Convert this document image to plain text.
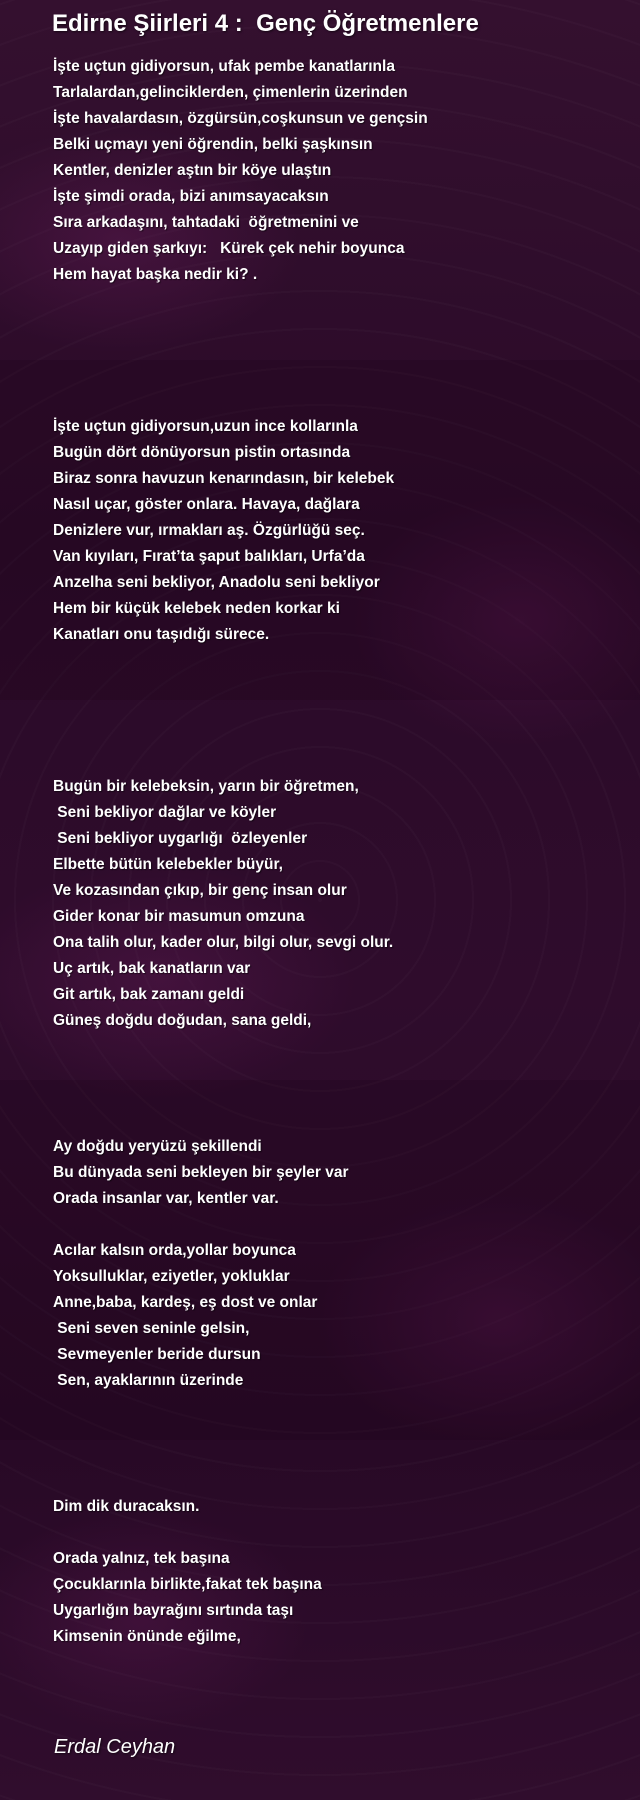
Edirne Şiirleri 4 :  Genç Öğretmenlere
İşte uçtun gidiyorsun, ufak pembe kanatlarınla
Tarlalardan,gelinciklerden, çimenlerin üzerinden
İşte havalardasın, özgürsün,coşkunsun ve gençsin
Belki uçmayı yeni öğrendin, belki şaşkınsın
Kentler, denizler aştın bir köye ulaştın
İşte şimdi orada, bizi anımsayacaksın
Sıra arkadaşını, tahtadaki  öğretmenini ve
Uzayıp giden şarkıyı:   Kürek çek nehir boyunca
Hem hayat başka nedir ki? .
İşte uçtun gidiyorsun,uzun ince kollarınla
Bugün dört dönüyorsun pistin ortasında
Biraz sonra havuzun kenarındasın, bir kelebek
Nasıl uçar, göster onlara. Havaya, dağlara
Denizlere vur, ırmakları aş. Özgürlüğü seç.
Van kıyıları, Fırat’ta şaput balıkları, Urfa’da
Anzelha seni bekliyor, Anadolu seni bekliyor
Hem bir küçük kelebek neden korkar ki
Kanatları onu taşıdığı sürece.
Bugün bir kelebeksin, yarın bir öğretmen,
Seni bekliyor dağlar ve köyler
Seni bekliyor uygarlığı  özleyenler
Elbette bütün kelebekler büyür,
Ve kozasından çıkıp, bir genç insan olur
Gider konar bir masumun omzuna
Ona talih olur, kader olur, bilgi olur, sevgi olur.
Uç artık, bak kanatların var
Git artık, bak zamanı geldi
Güneş doğdu doğudan, sana geldi,
Ay doğdu yeryüzü şekillendi
Bu dünyada seni bekleyen bir şeyler var
Orada insanlar var, kentler var.
Acılar kalsın orda,yollar boyunca
Yoksulluklar, eziyetler, yokluklar
Anne,baba, kardeş, eş dost ve onlar
Seni seven seninle gelsin,
Sevmeyenler beride dursun
Sen, ayaklarının üzerinde
Dim dik duracaksın.
Orada yalnız, tek başına
Çocuklarınla birlikte,fakat tek başına
Uygarlığın bayrağını sırtında taşı
Kimsenin önünde eğilme,
Erdal Ceyhan
